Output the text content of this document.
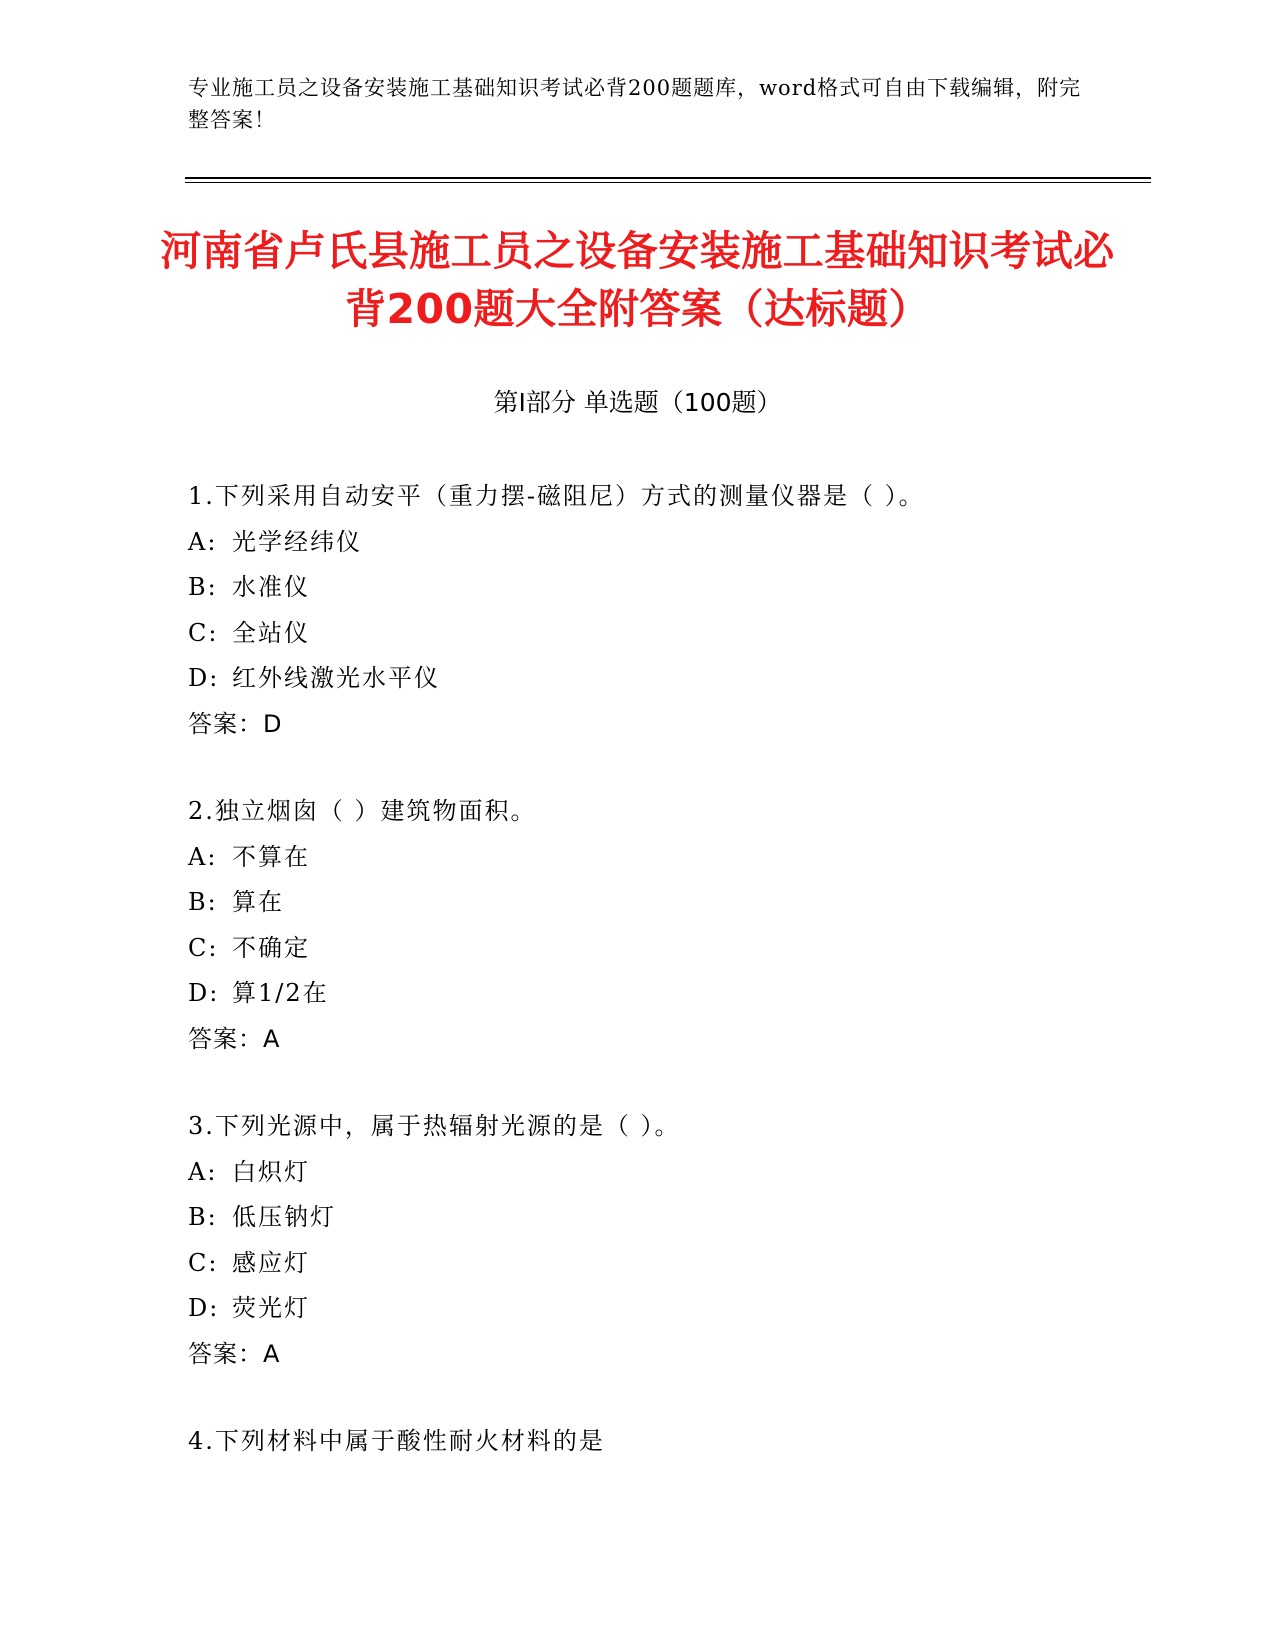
专业施工员之设备安装施工基础知识考试必背200题题库，word格式可自由下载编辑，附完整答案！
河南省卢氏县施工员之设备安装施工基础知识考试必背200题大全附答案（达标题）
第I部分 单选题（100题）
1.下列采用自动安平（重力摆-磁阻尼）方式的测量仪器是（ ）。
A: 光学经纬仪
B: 水准仪
C: 全站仪
D: 红外线激光水平仪
答案：D
2.独立烟囱（ ）建筑物面积。
A: 不算在
B: 算在
C: 不确定
D: 算1/2在
答案：A
3.下列光源中，属于热辐射光源的是（ ）。
A: 白炽灯
B: 低压钠灯
C: 感应灯
D: 荧光灯
答案：A
4.下列材料中属于酸性耐火材料的是
